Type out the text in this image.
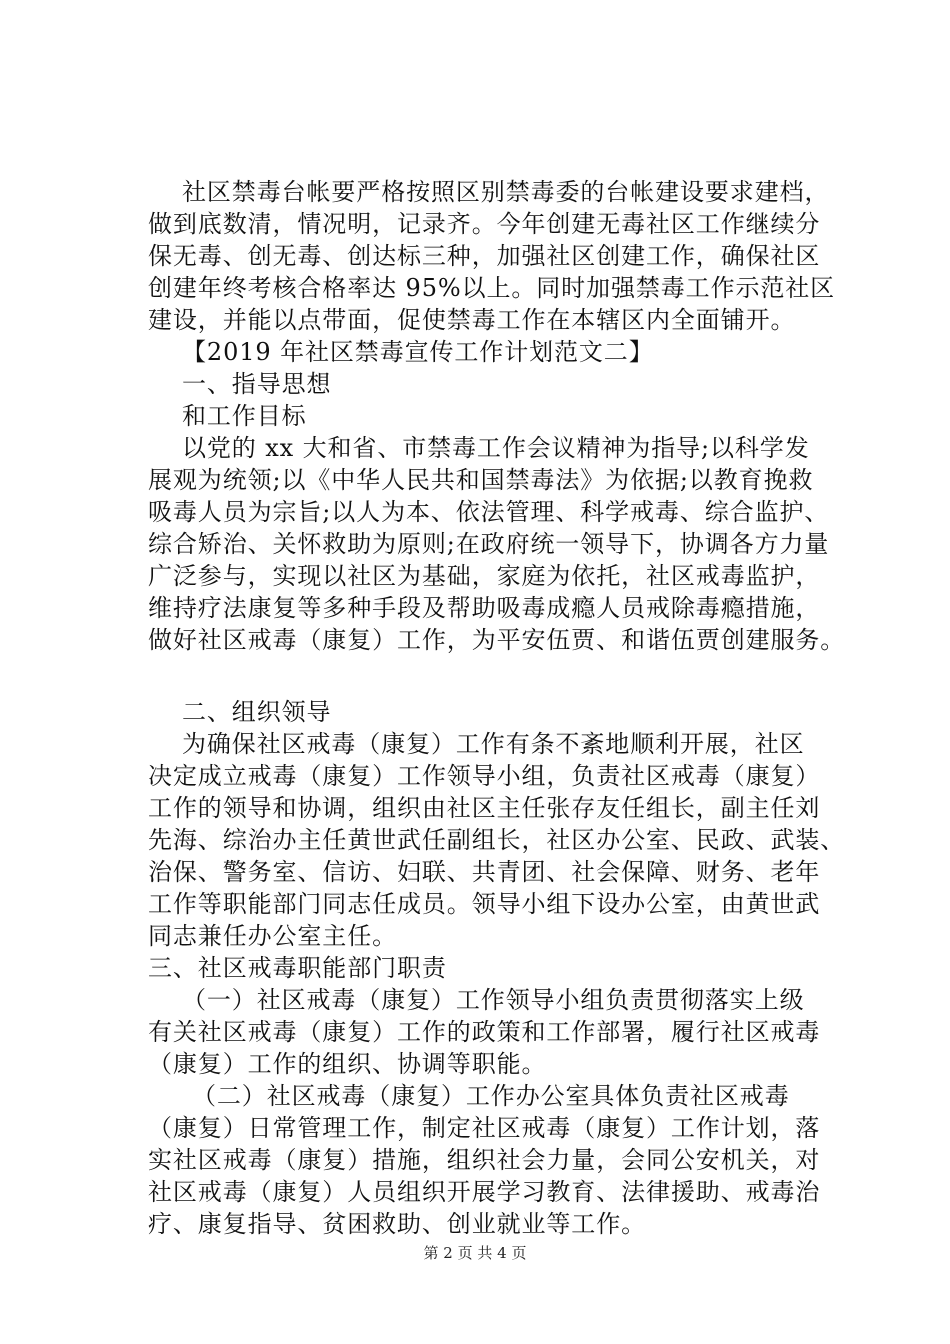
社区禁毒台帐要严格按照区别禁毒委的台帐建设要求建档，
做到底数清，情况明，记录齐。今年创建无毒社区工作继续分
保无毒、创无毒、创达标三种，加强社区创建工作，确保社区
创建年终考核合格率达 95%以上。同时加强禁毒工作示范社区
建设，并能以点带面，促使禁毒工作在本辖区内全面铺开。
【2019 年社区禁毒宣传工作计划范文二】
一、指导思想
和工作目标
以党的 xx 大和省、市禁毒工作会议精神为指导;以科学发
展观为统领;以《中华人民共和国禁毒法》为依据;以教育挽救
吸毒人员为宗旨;以人为本、依法管理、科学戒毒、综合监护、
综合矫治、关怀救助为原则;在政府统一领导下，协调各方力量
广泛参与，实现以社区为基础，家庭为依托，社区戒毒监护，
维持疗法康复等多种手段及帮助吸毒成瘾人员戒除毒瘾措施，
做好社区戒毒（康复）工作，为平安伍贾、和谐伍贾创建服务。
二、组织领导
为确保社区戒毒（康复）工作有条不紊地顺利开展，社区
决定成立戒毒（康复）工作领导小组，负责社区戒毒（康复）
工作的领导和协调，组织由社区主任张存友任组长，副主任刘
先海、综治办主任黄世武任副组长，社区办公室、民政、武装、
治保、警务室、信访、妇联、共青团、社会保障、财务、老年
工作等职能部门同志任成员。领导小组下设办公室，由黄世武
同志兼任办公室主任。
三、社区戒毒职能部门职责
（一）社区戒毒（康复）工作领导小组负责贯彻落实上级
有关社区戒毒（康复）工作的政策和工作部署，履行社区戒毒
（康复）工作的组织、协调等职能。
（二）社区戒毒（康复）工作办公室具体负责社区戒毒
（康复）日常管理工作，制定社区戒毒（康复）工作计划，落
实社区戒毒（康复）措施，组织社会力量，会同公安机关，对
社区戒毒（康复）人员组织开展学习教育、法律援助、戒毒治
疗、康复指导、贫困救助、创业就业等工作。
第 2 页 共 4 页
